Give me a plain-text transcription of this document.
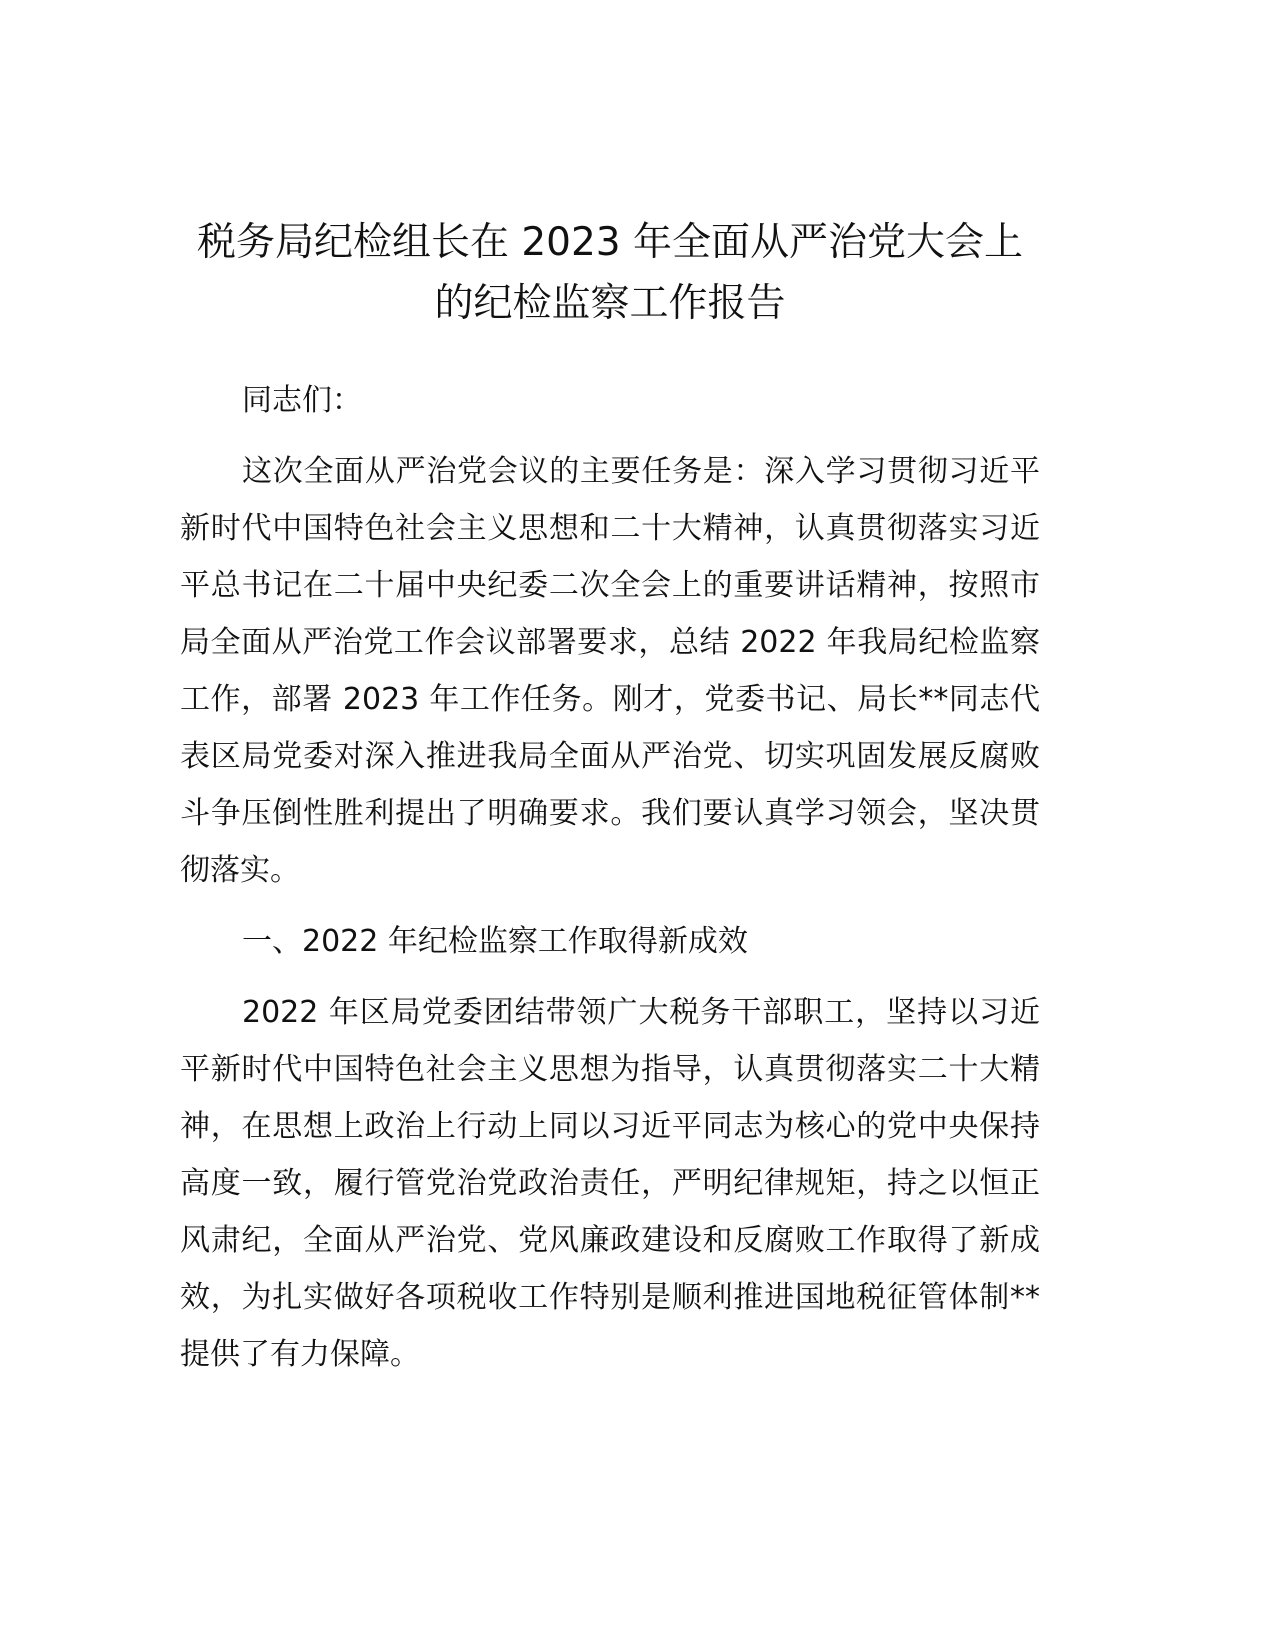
税务局纪检组长在 2023 年全面从严治党大会上
的纪检监察工作报告

同志们：

这次全面从严治党会议的主要任务是：深入学习贯彻习近平新时代中国特色社会主义思想和二十大精神，认真贯彻落实习近平总书记在二十届中央纪委二次全会上的重要讲话精神，按照市局全面从严治党工作会议部署要求，总结 2022 年我局纪检监察工作，部署 2023 年工作任务。刚才，党委书记、局长**同志代表区局党委对深入推进我局全面从严治党、切实巩固发展反腐败斗争压倒性胜利提出了明确要求。我们要认真学习领会，坚决贯彻落实。

一、2022 年纪检监察工作取得新成效

2022 年区局党委团结带领广大税务干部职工，坚持以习近平新时代中国特色社会主义思想为指导，认真贯彻落实二十大精神，在思想上政治上行动上同以习近平同志为核心的党中央保持高度一致，履行管党治党政治责任，严明纪律规矩，持之以恒正风肃纪，全面从严治党、党风廉政建设和反腐败工作取得了新成效，为扎实做好各项税收工作特别是顺利推进国地税征管体制**提供了有力保障。
